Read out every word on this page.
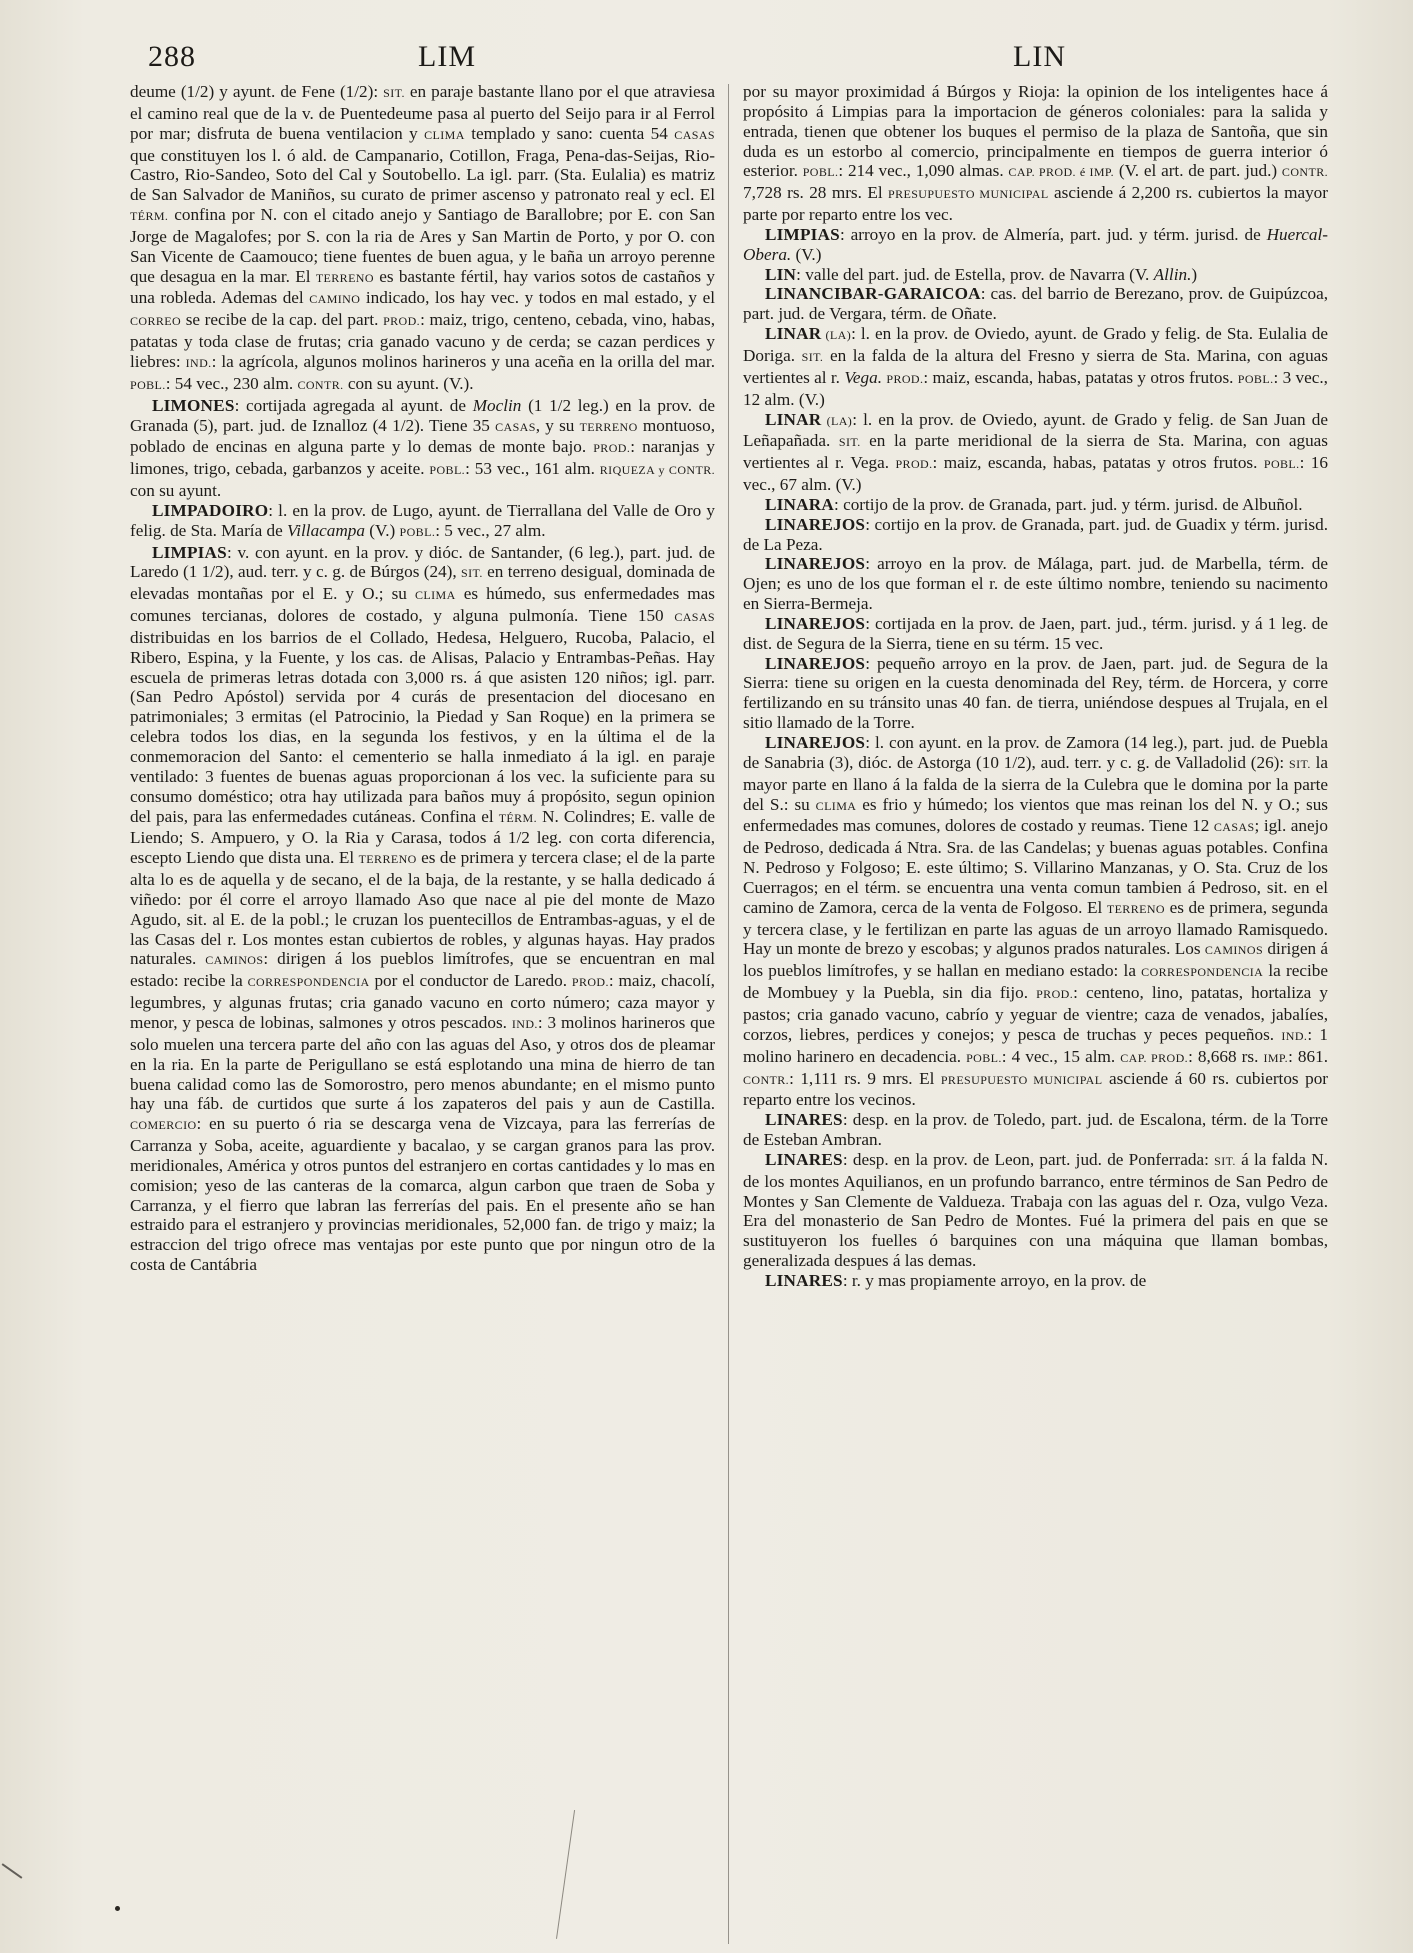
288	LIM	LIN

deume (1/2) y ayunt. de Fene (1/2): SIT. en paraje bastante llano por el que atraviesa el camino real que de la v. de Puentedeume pasa al puerto del Seijo para ir al Ferrol por mar; disfruta de buena ventilacion y CLIMA templado y sano: cuenta 54 CASAS que constituyen los l. ó ald. de Campanario, Cotillon, Fraga, Pena-das-Seijas, Rio-Castro, Rio-Sandeo, Soto del Cal y Soutobello. La igl. parr. (Sta. Eulalia) es matriz de San Salvador de Maniños, su curato de primer ascenso y patronato real y ecl. El TÉRM. confina por N. con el citado anejo y Santiago de Barallobre; por E. con San Jorge de Magalofes; por S. con la ria de Ares y San Martin de Porto, y por O. con San Vicente de Caamouco; tiene fuentes de buen agua, y le baña un arroyo perenne que desagua en la mar. El TERRENO es bastante fértil, hay varios sotos de castaños y una robleda. Ademas del CAMINO indicado, los hay vec. y todos en mal estado, y el CORREO se recibe de la cap. del part. PROD.: maiz, trigo, centeno, cebada, vino, habas, patatas y toda clase de frutas; cria ganado vacuno y de cerda; se cazan perdices y liebres: IND.: la agrícola, algunos molinos harineros y una aceña en la orilla del mar. POBL.: 54 vec., 230 alm. CONTR. con su ayunt. (V.).

LIMONES: cortijada agregada al ayunt. de Moclin (1 1/2 leg.) en la prov. de Granada (5), part. jud. de Iznalloz (4 1/2). Tiene 35 CASAS, y su TERRENO montuoso, poblado de encinas en alguna parte y lo demas de monte bajo. PROD.: naranjas y limones, trigo, cebada, garbanzos y aceite. POBL.: 53 vec., 161 alm. RIQUEZA y CONTR. con su ayunt.

LIMPADOIRO: l. en la prov. de Lugo, ayunt. de Tierrallana del Valle de Oro y felig. de Sta. María de Villacampa (V.) POBL.: 5 vec., 27 alm.

LIMPIAS: v. con ayunt. en la prov. y dióc. de Santander, (6 leg.), part. jud. de Laredo (1 1/2), aud. terr. y c. g. de Búrgos (24), SIT. en terreno desigual, dominada de elevadas montañas por el E. y O.; su CLIMA es húmedo, sus enfermedades mas comunes tercianas, dolores de costado, y alguna pulmonía. Tiene 150 CASAS distribuidas en los barrios de el Collado, Hedesa, Helguero, Rucoba, Palacio, el Ribero, Espina, y la Fuente, y los cas. de Alisas, Palacio y Entrambas-Peñas. Hay escuela de primeras letras dotada con 3,000 rs. á que asisten 120 niños; igl. parr. (San Pedro Apóstol) servida por 4 curás de presentacion del diocesano en patrimoniales; 3 ermitas (el Patrocinio, la Piedad y San Roque) en la primera se celebra todos los dias, en la segunda los festivos, y en la última el de la conmemoracion del Santo: el cementerio se halla inmediato á la igl. en paraje ventilado: 3 fuentes de buenas aguas proporcionan á los vec. la suficiente para su consumo doméstico; otra hay utilizada para baños muy á propósito, segun opinion del pais, para las enfermedades cutáneas. Confina el TÉRM. N. Colindres; E. valle de Liendo; S. Ampuero, y O. la Ria y Carasa, todos á 1/2 leg. con corta diferencia, escepto Liendo que dista una. El TERRENO es de primera y tercera clase; el de la parte alta lo es de aquella y de secano, el de la baja, de la restante, y se halla dedicado á viñedo: por él corre el arroyo llamado Aso que nace al pie del monte de Mazo Agudo, sit. al E. de la pobl.; le cruzan los puentecillos de Entrambas-aguas, y el de las Casas del r. Los montes estan cubiertos de robles, y algunas hayas. Hay prados naturales. CAMINOS: dirigen á los pueblos limítrofes, que se encuentran en mal estado: recibe la CORRESPONDENCIA por el conductor de Laredo. PROD.: maiz, chacolí, legumbres, y algunas frutas; cria ganado vacuno en corto número; caza mayor y menor, y pesca de lobinas, salmones y otros pescados. IND.: 3 molinos harineros que solo muelen una tercera parte del año con las aguas del Aso, y otros dos de pleamar en la ria. En la parte de Perigullano se está esplotando una mina de hierro de tan buena calidad como las de Somorostro, pero menos abundante; en el mismo punto hay una fáb. de curtidos que surte á los zapateros del pais y aun de Castilla. COMERCIO: en su puerto ó ria se descarga vena de Vizcaya, para las ferrerías de Carranza y Soba, aceite, aguardiente y bacalao, y se cargan granos para las prov. meridionales, América y otros puntos del estranjero en cortas cantidades y lo mas en comision; yeso de las canteras de la comarca, algun carbon que traen de Soba y Carranza, y el fierro que labran las ferrerías del pais. En el presente año se han estraido para el estranjero y provincias meridionales, 52,000 fan. de trigo y maiz; la estraccion del trigo ofrece mas ventajas por este punto que por ningun otro de la costa de Cantábria

por su mayor proximidad á Búrgos y Rioja: la opinion de los inteligentes hace á propósito á Limpias para la importacion de géneros coloniales: para la salida y entrada, tienen que obtener los buques el permiso de la plaza de Santoña, que sin duda es un estorbo al comercio, principalmente en tiempos de guerra interior ó esterior. POBL.: 214 vec., 1,090 almas. CAP. PROD. é IMP. (V. el art. de part. jud.) CONTR. 7,728 rs. 28 mrs. El PRESUPUESTO MUNICIPAL asciende á 2,200 rs. cubiertos la mayor parte por reparto entre los vec.

LIMPIAS: arroyo en la prov. de Almería, part. jud. y térm. jurisd. de Huercal-Obera. (V.)

LIN: valle del part. jud. de Estella, prov. de Navarra (V. Allin.)

LINANCIBAR-GARAICOA: cas. del barrio de Berezano, prov. de Guipúzcoa, part. jud. de Vergara, térm. de Oñate.

LINAR (LA): l. en la prov. de Oviedo, ayunt. de Grado y felig. de Sta. Eulalia de Doriga. SIT. en la falda de la altura del Fresno y sierra de Sta. Marina, con aguas vertientes al r. Vega. PROD.: maiz, escanda, habas, patatas y otros frutos. POBL.: 3 vec., 12 alm. (V.)

LINAR (LA): l. en la prov. de Oviedo, ayunt. de Grado y felig. de San Juan de Leñapañada. SIT. en la parte meridional de la sierra de Sta. Marina, con aguas vertientes al r. Vega. PROD.: maiz, escanda, habas, patatas y otros frutos. POBL.: 16 vec., 67 alm. (V.)

LINARA: cortijo de la prov. de Granada, part. jud. y térm. jurisd. de Albuñol.

LINAREJOS: cortijo en la prov. de Granada, part. jud. de Guadix y térm. jurisd. de La Peza.

LINAREJOS: arroyo en la prov. de Málaga, part. jud. de Marbella, térm. de Ojen; es uno de los que forman el r. de este último nombre, teniendo su nacimento en Sierra-Bermeja.

LINAREJOS: cortijada en la prov. de Jaen, part. jud., térm. jurisd. y á 1 leg. de dist. de Segura de la Sierra, tiene en su térm. 15 vec.

LINAREJOS: pequeño arroyo en la prov. de Jaen, part. jud. de Segura de la Sierra: tiene su origen en la cuesta denominada del Rey, térm. de Horcera, y corre fertilizando en su tránsito unas 40 fan. de tierra, uniéndose despues al Trujala, en el sitio llamado de la Torre.

LINAREJOS: l. con ayunt. en la prov. de Zamora (14 leg.), part. jud. de Puebla de Sanabria (3), dióc. de Astorga (10 1/2), aud. terr. y c. g. de Valladolid (26): SIT. la mayor parte en llano á la falda de la sierra de la Culebra que le domina por la parte del S.: su CLIMA es frio y húmedo; los vientos que mas reinan los del N. y O.; sus enfermedades mas comunes, dolores de costado y reumas. Tiene 12 CASAS; igl. anejo de Pedroso, dedicada á Ntra. Sra. de las Candelas; y buenas aguas potables. Confina N. Pedroso y Folgoso; E. este último; S. Villarino Manzanas, y O. Sta. Cruz de los Cuerragos; en el térm. se encuentra una venta comun tambien á Pedroso, sit. en el camino de Zamora, cerca de la venta de Folgoso. El TERRENO es de primera, segunda y tercera clase, y le fertilizan en parte las aguas de un arroyo llamado Ramisquedo. Hay un monte de brezo y escobas; y algunos prados naturales. Los CAMINOS dirigen á los pueblos limítrofes, y se hallan en mediano estado: la CORRESPONDENCIA la recibe de Mombuey y la Puebla, sin dia fijo. PROD.: centeno, lino, patatas, hortaliza y pastos; cria ganado vacuno, cabrío y yeguar de vientre; caza de venados, jabalíes, corzos, liebres, perdices y conejos; y pesca de truchas y peces pequeños. IND.: 1 molino harinero en decadencia. POBL.: 4 vec., 15 alm. CAP. PROD.: 8,668 rs. IMP.: 861. CONTR.: 1,111 rs. 9 mrs. El PRESUPUESTO MUNICIPAL asciende á 60 rs. cubiertos por reparto entre los vecinos.

LINARES: desp. en la prov. de Toledo, part. jud. de Escalona, térm. de la Torre de Esteban Ambran.

LINARES: desp. en la prov. de Leon, part. jud. de Ponferrada: SIT. á la falda N. de los montes Aquilianos, en un profundo barranco, entre términos de San Pedro de Montes y San Clemente de Valdueza. Trabaja con las aguas del r. Oza, vulgo Veza. Era del monasterio de San Pedro de Montes. Fué la primera del pais en que se sustituyeron los fuelles ó barquines con una máquina que llaman bombas, generalizada despues á las demas.

LINARES: r. y mas propiamente arroyo, en la prov. de
